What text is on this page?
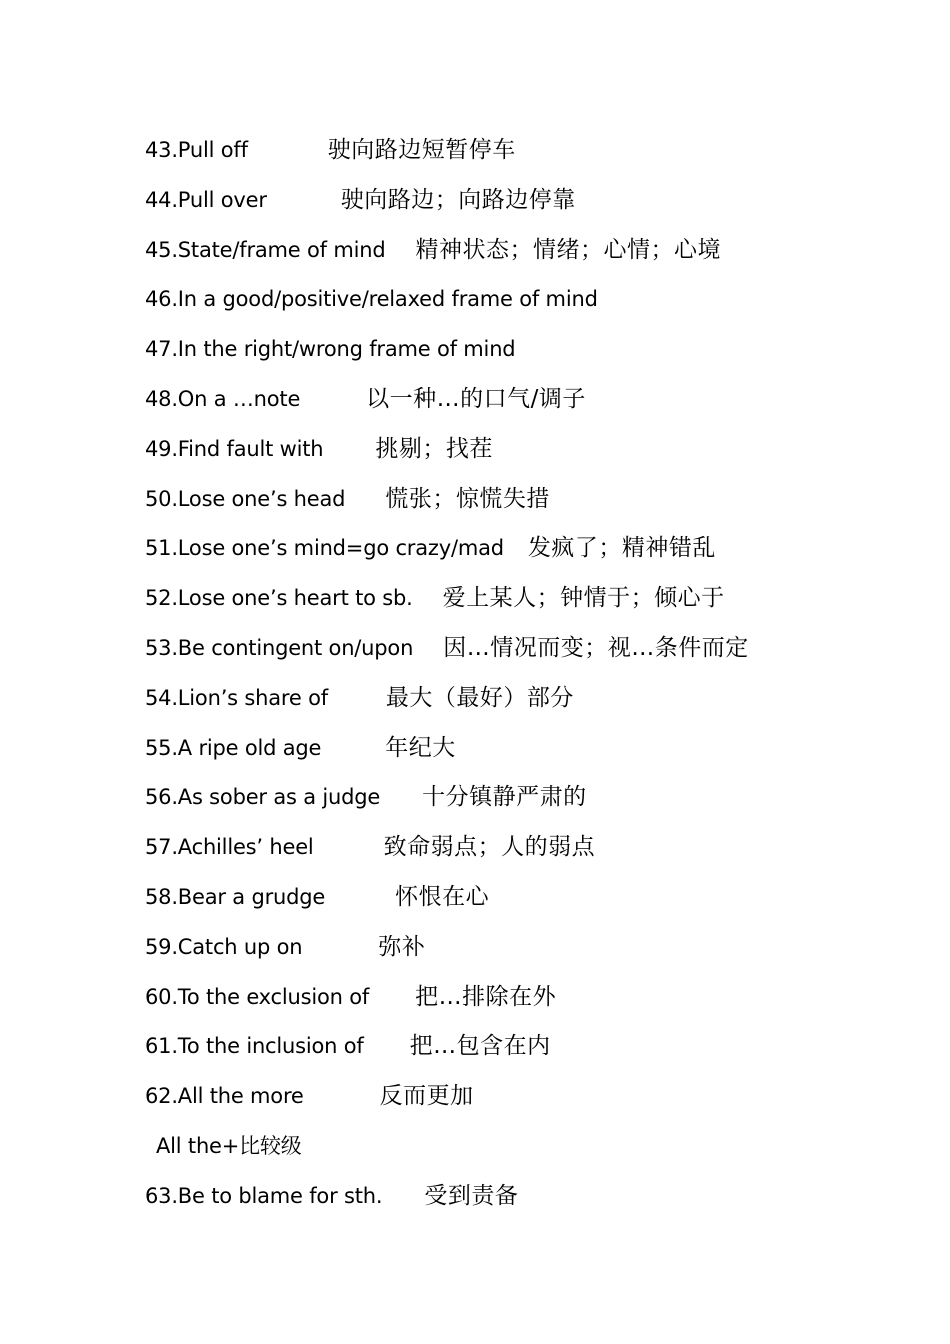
43.Pull off	驶向路边短暂停车
44.Pull over	驶向路边；向路边停靠
45.State/frame of mind 精神状态；情绪；心情；心境
46.In a good/positive/relaxed frame of mind
47.In the right/wrong frame of mind
48.On a …note	以一种…的口气/调子
49.Find fault with 挑剔；找茬
50.Lose one’s head 慌张；惊慌失措
51.Lose one’s mind=go crazy/mad 发疯了；精神错乱
52.Lose one’s heart to sb. 爱上某人；钟情于；倾心于
53.Be contingent on/upon 因…情况而变；视…条件而定
54.Lion’s share of	最大（最好）部分
55.A ripe old age	年纪大
56.As sober as a judge 十分镇静严肃的
57.Achilles’ heel	致命弱点；人的弱点
58.Bear a grudge	怀恨在心
59.Catch up on	弥补
60.To the exclusion of 把…排除在外
61.To the inclusion of 把…包含在内
62.All the more	反而更加
All the+比较级
63.Be to blame for sth. 受到责备
